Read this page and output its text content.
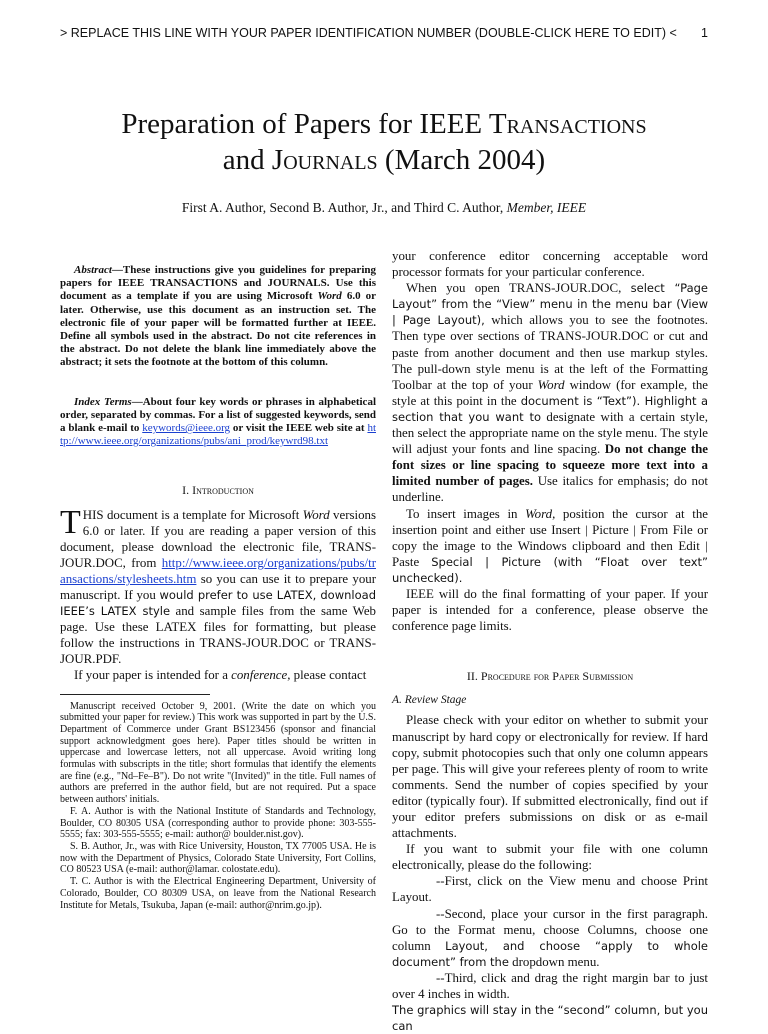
> REPLACE THIS LINE WITH YOUR PAPER IDENTIFICATION NUMBER (DOUBLE-CLICK HERE TO EDIT) < 1
Preparation of Papers for IEEE Transactions
and Journals (March 2004)
First A. Author, Second B. Author, Jr., and Third C. Author, Member, IEEE

Abstract—These instructions give you guidelines for preparing papers for IEEE TRANSACTIONS and JOURNALS. Use this document as a template if you are using Microsoft Word 6.0 or later. Otherwise, use this document as an instruction set. The electronic file of your paper will be formatted further at IEEE. Define all symbols used in the abstract. Do not cite references in the abstract. Do not delete the blank line immediately above the abstract; it sets the footnote at the bottom of this column.

Index Terms—About four key words or phrases in alphabetical order, separated by commas. For a list of suggested keywords, send a blank e-mail to keywords@ieee.org or visit the IEEE web site at http://www.ieee.org/organizations/pubs/ani_prod/keywrd98.txt

I. Introduction

THIS document is a template for Microsoft Word versions 6.0 or later. If you are reading a paper version of this document, please download the electronic file, TRANS-JOUR.DOC, from http://www.ieee.org/organizations/pubs/transactions/stylesheets.htm so you can use it to prepare your manuscript. If you would prefer to use LATEX, download IEEE’s LATEX style and sample files from the same Web page. Use these LATEX files for formatting, but please follow the instructions in TRANS-JOUR.DOC or TRANS-JOUR.PDF.

If your paper is intended for a conference, please contact

Manuscript received October 9, 2001. (Write the date on which you submitted your paper for review.) This work was supported in part by the U.S. Department of Commerce under Grant BS123456 (sponsor and financial support acknowledgment goes here). Paper titles should be written in uppercase and lowercase letters, not all uppercase. Avoid writing long formulas with subscripts in the title; short formulas that identify the elements are fine (e.g., "Nd–Fe–B"). Do not write "(Invited)" in the title. Full names of authors are preferred in the author field, but are not required. Put a space between authors' initials.

F. A. Author is with the National Institute of Standards and Technology, Boulder, CO 80305 USA (corresponding author to provide phone: 303-555-5555; fax: 303-555-5555; e-mail: author@ boulder.nist.gov).

S. B. Author, Jr., was with Rice University, Houston, TX 77005 USA. He is now with the Department of Physics, Colorado State University, Fort Collins, CO 80523 USA (e-mail: author@lamar. colostate.edu).

T. C. Author is with the Electrical Engineering Department, University of Colorado, Boulder, CO 80309 USA, on leave from the National Research Institute for Metals, Tsukuba, Japan (e-mail: author@nrim.go.jp).

your conference editor concerning acceptable word processor formats for your particular conference.

When you open TRANS-JOUR.DOC, select “Page Layout” from the “View” menu in the menu bar (View | Page Layout), which allows you to see the footnotes. Then type over sections of TRANS-JOUR.DOC or cut and paste from another document and then use markup styles. The pull-down style menu is at the left of the Formatting Toolbar at the top of your Word window (for example, the style at this point in the document is “Text”). Highlight a section that you want to designate with a certain style, then select the appropriate name on the style menu. The style will adjust your fonts and line spacing. Do not change the font sizes or line spacing to squeeze more text into a limited number of pages. Use italics for emphasis; do not underline.

To insert images in Word, position the cursor at the insertion point and either use Insert | Picture | From File or copy the image to the Windows clipboard and then Edit | Paste Special | Picture (with “Float over text” unchecked).

IEEE will do the final formatting of your paper. If your paper is intended for a conference, please observe the conference page limits.

II. Procedure for Paper Submission
A. Review Stage

Please check with your editor on whether to submit your manuscript by hard copy or electronically for review. If hard copy, submit photocopies such that only one column appears per page. This will give your referees plenty of room to write comments. Send the number of copies specified by your editor (typically four). If submitted electronically, find out if your editor prefers submissions on disk or as e-mail attachments.

If you want to submit your file with one column electronically, please do the following:

--First, click on the View menu and choose Print Layout.

--Second, place your cursor in the first paragraph. Go to the Format menu, choose Columns, choose one column Layout, and choose “apply to whole document” from the dropdown menu.

--Third, click and drag the right margin bar to just over 4 inches in width.

The graphics will stay in the “second” column, but you can
